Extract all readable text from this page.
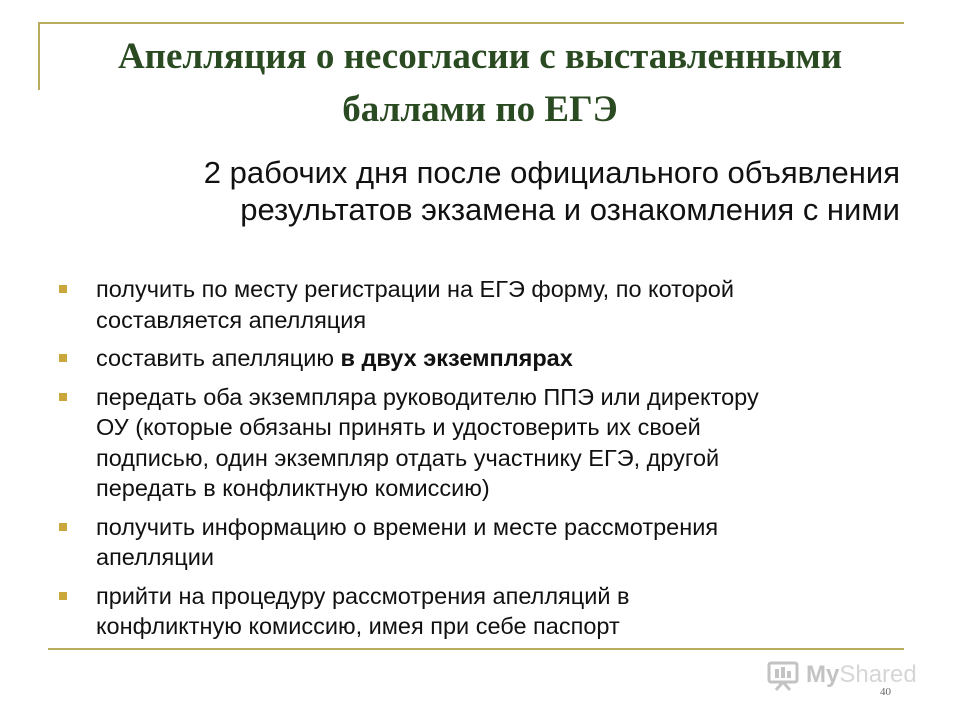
Апелляция о несогласии с выставленными
баллами по ЕГЭ

2 рабочих дня после официального объявления
результатов экзамена и ознакомления с ними

получить по месту регистрации на ЕГЭ форму, по которой
составляется апелляция
составить апелляцию в двух экземплярах
передать оба экземпляра руководителю ППЭ или директору
ОУ (которые обязаны принять и удостоверить их своей
подписью, один экземпляр отдать участнику ЕГЭ, другой
передать в конфликтную комиссию)
получить информацию о времени и месте рассмотрения
апелляции
прийти на процедуру рассмотрения апелляций в
конфликтную комиссию, имея при себе паспорт
MyShared
40
